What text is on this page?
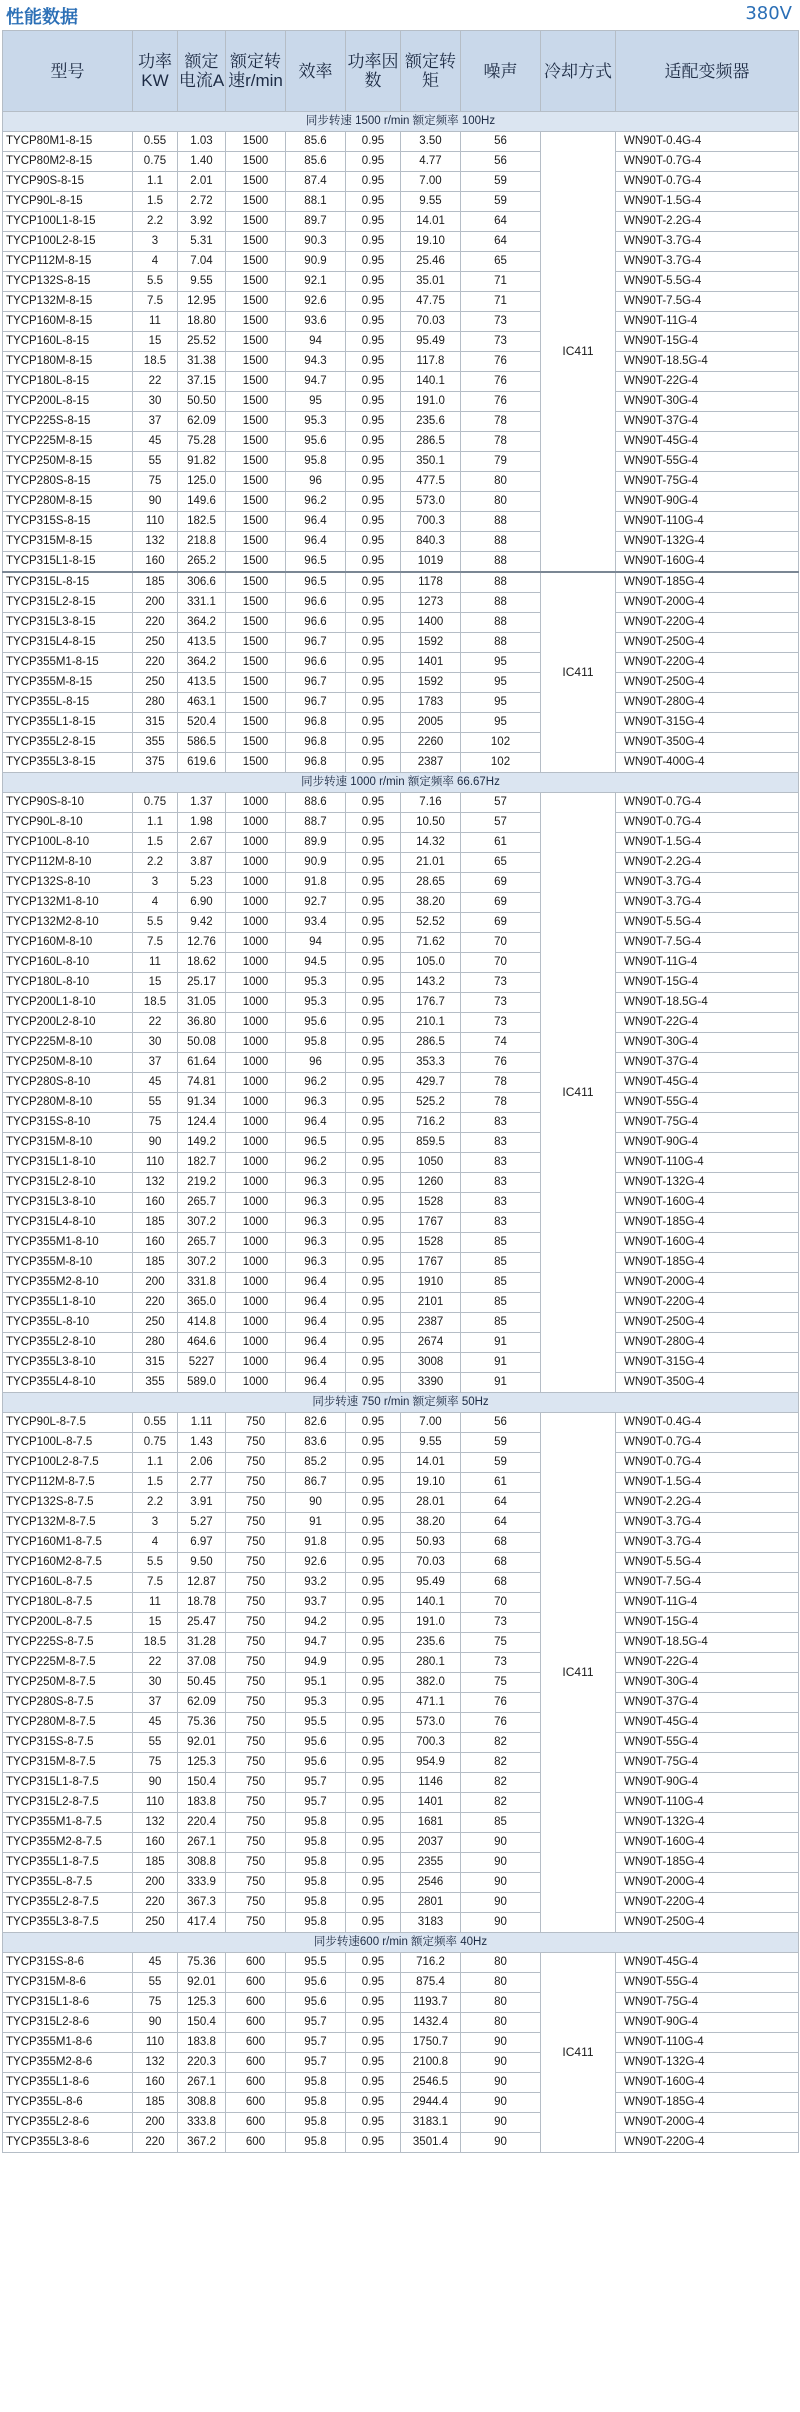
性能数据	380V
型号	功率KW	额定电流A	额定转速r/min	效率	功率因数	额定转矩	噪声	冷却方式	适配变频器
同步转速 1500 r/min 额定频率 100Hz									
TYCP80M1-8-15	0.55	1.03	1500	85.6	0.95	3.50	56	IC411	WN90T-0.4G-4
TYCP80M2-8-15	0.75	1.40	1500	85.6	0.95	4.77	56		WN90T-0.7G-4
TYCP90S-8-15	1.1	2.01	1500	87.4	0.95	7.00	59		WN90T-0.7G-4
TYCP90L-8-15	1.5	2.72	1500	88.1	0.95	9.55	59		WN90T-1.5G-4
TYCP100L1-8-15	2.2	3.92	1500	89.7	0.95	14.01	64		WN90T-2.2G-4
TYCP100L2-8-15	3	5.31	1500	90.3	0.95	19.10	64		WN90T-3.7G-4
TYCP112M-8-15	4	7.04	1500	90.9	0.95	25.46	65		WN90T-3.7G-4
TYCP132S-8-15	5.5	9.55	1500	92.1	0.95	35.01	71		WN90T-5.5G-4
TYCP132M-8-15	7.5	12.95	1500	92.6	0.95	47.75	71		WN90T-7.5G-4
TYCP160M-8-15	11	18.80	1500	93.6	0.95	70.03	73		WN90T-11G-4
TYCP160L-8-15	15	25.52	1500	94	0.95	95.49	73		WN90T-15G-4
TYCP180M-8-15	18.5	31.38	1500	94.3	0.95	117.8	76		WN90T-18.5G-4
TYCP180L-8-15	22	37.15	1500	94.7	0.95	140.1	76		WN90T-22G-4
TYCP200L-8-15	30	50.50	1500	95	0.95	191.0	76		WN90T-30G-4
TYCP225S-8-15	37	62.09	1500	95.3	0.95	235.6	78		WN90T-37G-4
TYCP225M-8-15	45	75.28	1500	95.6	0.95	286.5	78		WN90T-45G-4
TYCP250M-8-15	55	91.82	1500	95.8	0.95	350.1	79		WN90T-55G-4
TYCP280S-8-15	75	125.0	1500	96	0.95	477.5	80		WN90T-75G-4
TYCP280M-8-15	90	149.6	1500	96.2	0.95	573.0	80		WN90T-90G-4
TYCP315S-8-15	110	182.5	1500	96.4	0.95	700.3	88		WN90T-110G-4
TYCP315M-8-15	132	218.8	1500	96.4	0.95	840.3	88		WN90T-132G-4
TYCP315L1-8-15	160	265.2	1500	96.5	0.95	1019	88		WN90T-160G-4
TYCP315L-8-15	185	306.6	1500	96.5	0.95	1178	88	IC411	WN90T-185G-4
TYCP315L2-8-15	200	331.1	1500	96.6	0.95	1273	88		WN90T-200G-4
TYCP315L3-8-15	220	364.2	1500	96.6	0.95	1400	88		WN90T-220G-4
TYCP315L4-8-15	250	413.5	1500	96.7	0.95	1592	88		WN90T-250G-4
TYCP355M1-8-15	220	364.2	1500	96.6	0.95	1401	95		WN90T-220G-4
TYCP355M-8-15	250	413.5	1500	96.7	0.95	1592	95		WN90T-250G-4
TYCP355L-8-15	280	463.1	1500	96.7	0.95	1783	95		WN90T-280G-4
TYCP355L1-8-15	315	520.4	1500	96.8	0.95	2005	95		WN90T-315G-4
TYCP355L2-8-15	355	586.5	1500	96.8	0.95	2260	102		WN90T-350G-4
TYCP355L3-8-15	375	619.6	1500	96.8	0.95	2387	102		WN90T-400G-4
同步转速 1000 r/min 额定频率 66.67Hz									
TYCP90S-8-10	0.75	1.37	1000	88.6	0.95	7.16	57	IC411	WN90T-0.7G-4
TYCP90L-8-10	1.1	1.98	1000	88.7	0.95	10.50	57		WN90T-0.7G-4
TYCP100L-8-10	1.5	2.67	1000	89.9	0.95	14.32	61		WN90T-1.5G-4
TYCP112M-8-10	2.2	3.87	1000	90.9	0.95	21.01	65		WN90T-2.2G-4
TYCP132S-8-10	3	5.23	1000	91.8	0.95	28.65	69		WN90T-3.7G-4
TYCP132M1-8-10	4	6.90	1000	92.7	0.95	38.20	69		WN90T-3.7G-4
TYCP132M2-8-10	5.5	9.42	1000	93.4	0.95	52.52	69		WN90T-5.5G-4
TYCP160M-8-10	7.5	12.76	1000	94	0.95	71.62	70		WN90T-7.5G-4
TYCP160L-8-10	11	18.62	1000	94.5	0.95	105.0	70		WN90T-11G-4
TYCP180L-8-10	15	25.17	1000	95.3	0.95	143.2	73		WN90T-15G-4
TYCP200L1-8-10	18.5	31.05	1000	95.3	0.95	176.7	73		WN90T-18.5G-4
TYCP200L2-8-10	22	36.80	1000	95.6	0.95	210.1	73		WN90T-22G-4
TYCP225M-8-10	30	50.08	1000	95.8	0.95	286.5	74		WN90T-30G-4
TYCP250M-8-10	37	61.64	1000	96	0.95	353.3	76		WN90T-37G-4
TYCP280S-8-10	45	74.81	1000	96.2	0.95	429.7	78		WN90T-45G-4
TYCP280M-8-10	55	91.34	1000	96.3	0.95	525.2	78		WN90T-55G-4
TYCP315S-8-10	75	124.4	1000	96.4	0.95	716.2	83		WN90T-75G-4
TYCP315M-8-10	90	149.2	1000	96.5	0.95	859.5	83		WN90T-90G-4
TYCP315L1-8-10	110	182.7	1000	96.2	0.95	1050	83		WN90T-110G-4
TYCP315L2-8-10	132	219.2	1000	96.3	0.95	1260	83		WN90T-132G-4
TYCP315L3-8-10	160	265.7	1000	96.3	0.95	1528	83		WN90T-160G-4
TYCP315L4-8-10	185	307.2	1000	96.3	0.95	1767	83		WN90T-185G-4
TYCP355M1-8-10	160	265.7	1000	96.3	0.95	1528	85		WN90T-160G-4
TYCP355M-8-10	185	307.2	1000	96.3	0.95	1767	85		WN90T-185G-4
TYCP355M2-8-10	200	331.8	1000	96.4	0.95	1910	85		WN90T-200G-4
TYCP355L1-8-10	220	365.0	1000	96.4	0.95	2101	85		WN90T-220G-4
TYCP355L-8-10	250	414.8	1000	96.4	0.95	2387	85		WN90T-250G-4
TYCP355L2-8-10	280	464.6	1000	96.4	0.95	2674	91		WN90T-280G-4
TYCP355L3-8-10	315	5227	1000	96.4	0.95	3008	91		WN90T-315G-4
TYCP355L4-8-10	355	589.0	1000	96.4	0.95	3390	91		WN90T-350G-4
同步转速 750 r/min 额定频率 50Hz									
TYCP90L-8-7.5	0.55	1.11	750	82.6	0.95	7.00	56	IC411	WN90T-0.4G-4
TYCP100L-8-7.5	0.75	1.43	750	83.6	0.95	9.55	59		WN90T-0.7G-4
TYCP100L2-8-7.5	1.1	2.06	750	85.2	0.95	14.01	59		WN90T-0.7G-4
TYCP112M-8-7.5	1.5	2.77	750	86.7	0.95	19.10	61		WN90T-1.5G-4
TYCP132S-8-7.5	2.2	3.91	750	90	0.95	28.01	64		WN90T-2.2G-4
TYCP132M-8-7.5	3	5.27	750	91	0.95	38.20	64		WN90T-3.7G-4
TYCP160M1-8-7.5	4	6.97	750	91.8	0.95	50.93	68		WN90T-3.7G-4
TYCP160M2-8-7.5	5.5	9.50	750	92.6	0.95	70.03	68		WN90T-5.5G-4
TYCP160L-8-7.5	7.5	12.87	750	93.2	0.95	95.49	68		WN90T-7.5G-4
TYCP180L-8-7.5	11	18.78	750	93.7	0.95	140.1	70		WN90T-11G-4
TYCP200L-8-7.5	15	25.47	750	94.2	0.95	191.0	73		WN90T-15G-4
TYCP225S-8-7.5	18.5	31.28	750	94.7	0.95	235.6	75		WN90T-18.5G-4
TYCP225M-8-7.5	22	37.08	750	94.9	0.95	280.1	73		WN90T-22G-4
TYCP250M-8-7.5	30	50.45	750	95.1	0.95	382.0	75		WN90T-30G-4
TYCP280S-8-7.5	37	62.09	750	95.3	0.95	471.1	76		WN90T-37G-4
TYCP280M-8-7.5	45	75.36	750	95.5	0.95	573.0	76		WN90T-45G-4
TYCP315S-8-7.5	55	92.01	750	95.6	0.95	700.3	82		WN90T-55G-4
TYCP315M-8-7.5	75	125.3	750	95.6	0.95	954.9	82		WN90T-75G-4
TYCP315L1-8-7.5	90	150.4	750	95.7	0.95	1146	82		WN90T-90G-4
TYCP315L2-8-7.5	110	183.8	750	95.7	0.95	1401	82		WN90T-110G-4
TYCP355M1-8-7.5	132	220.4	750	95.8	0.95	1681	85		WN90T-132G-4
TYCP355M2-8-7.5	160	267.1	750	95.8	0.95	2037	90		WN90T-160G-4
TYCP355L1-8-7.5	185	308.8	750	95.8	0.95	2355	90		WN90T-185G-4
TYCP355L-8-7.5	200	333.9	750	95.8	0.95	2546	90		WN90T-200G-4
TYCP355L2-8-7.5	220	367.3	750	95.8	0.95	2801	90		WN90T-220G-4
TYCP355L3-8-7.5	250	417.4	750	95.8	0.95	3183	90		WN90T-250G-4
同步转速600 r/min 额定频率 40Hz									
TYCP315S-8-6	45	75.36	600	95.5	0.95	716.2	80	IC411	WN90T-45G-4
TYCP315M-8-6	55	92.01	600	95.6	0.95	875.4	80		WN90T-55G-4
TYCP315L1-8-6	75	125.3	600	95.6	0.95	1193.7	80		WN90T-75G-4
TYCP315L2-8-6	90	150.4	600	95.7	0.95	1432.4	80		WN90T-90G-4
TYCP355M1-8-6	110	183.8	600	95.7	0.95	1750.7	90		WN90T-110G-4
TYCP355M2-8-6	132	220.3	600	95.7	0.95	2100.8	90		WN90T-132G-4
TYCP355L1-8-6	160	267.1	600	95.8	0.95	2546.5	90		WN90T-160G-4
TYCP355L-8-6	185	308.8	600	95.8	0.95	2944.4	90		WN90T-185G-4
TYCP355L2-8-6	200	333.8	600	95.8	0.95	3183.1	90		WN90T-200G-4
TYCP355L3-8-6	220	367.2	600	95.8	0.95	3501.4	90		WN90T-220G-4
